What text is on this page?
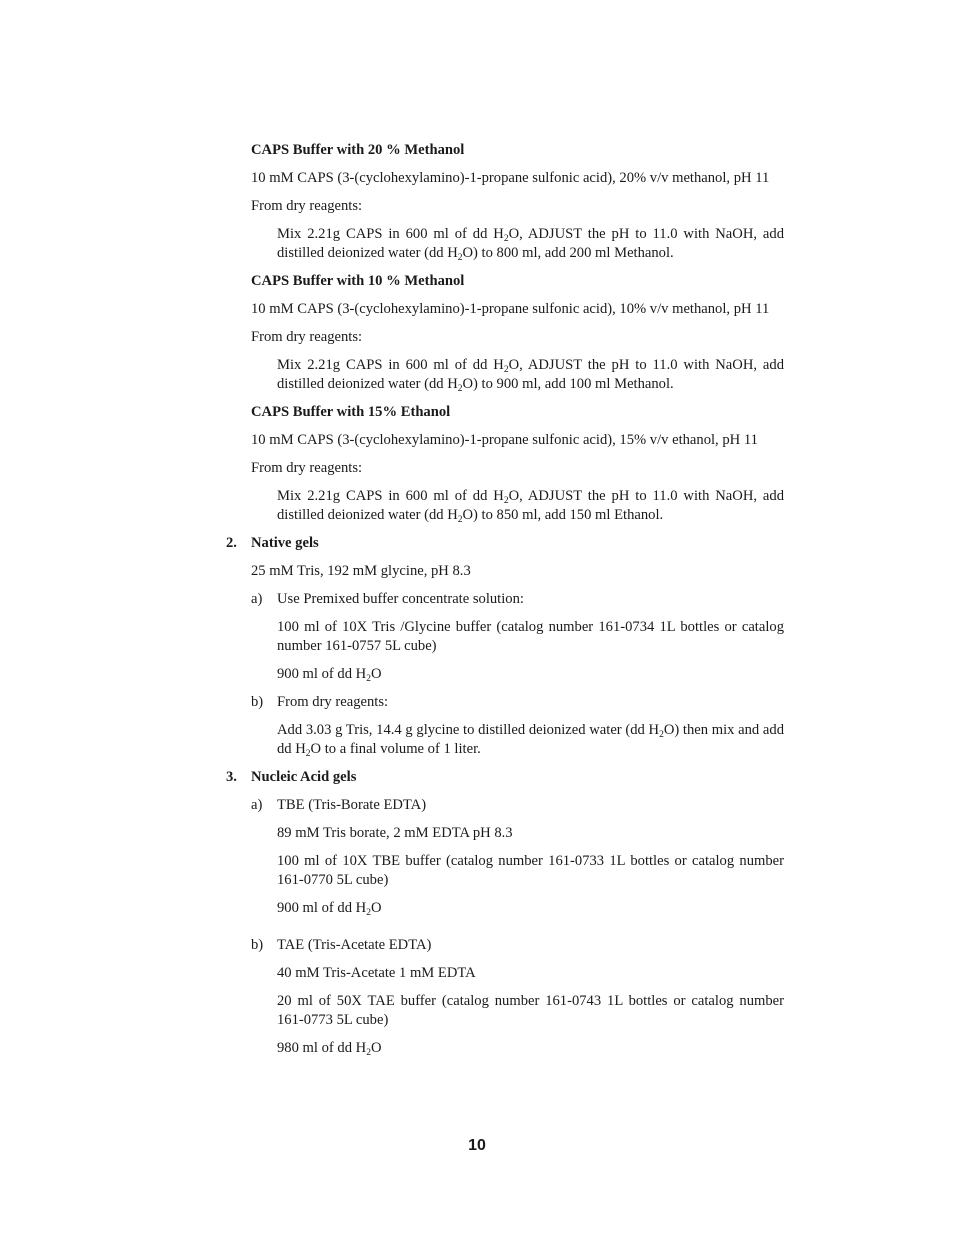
CAPS Buffer with 20 % Methanol
10 mM CAPS (3-(cyclohexylamino)-1-propane sulfonic acid), 20% v/v methanol, pH 11
From dry reagents:
Mix 2.21g CAPS in 600 ml of dd $H_2O$, ADJUST the pH to 11.0 with NaOH, add distilled deionized water (dd $H_2O$) to 800 ml, add 200 ml Methanol.
CAPS Buffer with 10 % Methanol
10 mM CAPS (3-(cyclohexylamino)-1-propane sulfonic acid), 10% v/v methanol, pH 11
From dry reagents:
Mix 2.21g CAPS in 600 ml of dd $H_2O$, ADJUST the pH to 11.0 with NaOH, add distilled deionized water (dd $H_2O$) to 900 ml, add 100 ml Methanol.
CAPS Buffer with 15% Ethanol
10 mM CAPS (3-(cyclohexylamino)-1-propane sulfonic acid), 15% v/v ethanol, pH 11
From dry reagents:
Mix 2.21g CAPS in 600 ml of dd $H_2O$, ADJUST the pH to 11.0 with NaOH, add distilled deionized water (dd $H_2O$) to 850 ml, add 150 ml Ethanol.
2. Native gels
25 mM Tris, 192 mM glycine, pH 8.3
a) Use Premixed buffer concentrate solution:
100 ml of 10X Tris /Glycine buffer (catalog number 161-0734 1L bottles or catalog number 161-0757 5L cube)
900 ml of dd $H_2O$
b) From dry reagents:
Add 3.03 g Tris, 14.4 g glycine to distilled deionized water (dd $H_2O$) then mix and add dd $H_2O$ to a final volume of 1 liter.
3. Nucleic Acid gels
a) TBE (Tris-Borate EDTA)
89 mM Tris borate, 2 mM EDTA pH 8.3
100 ml of 10X TBE buffer (catalog number 161-0733 1L bottles or catalog number 161-0770 5L cube)
900 ml of dd $H_2O$
b) TAE (Tris-Acetate EDTA)
40 mM Tris-Acetate 1 mM EDTA
20 ml of 50X TAE buffer (catalog number 161-0743 1L bottles or catalog number 161-0773 5L cube)
980 ml of dd $H_2O$
10
